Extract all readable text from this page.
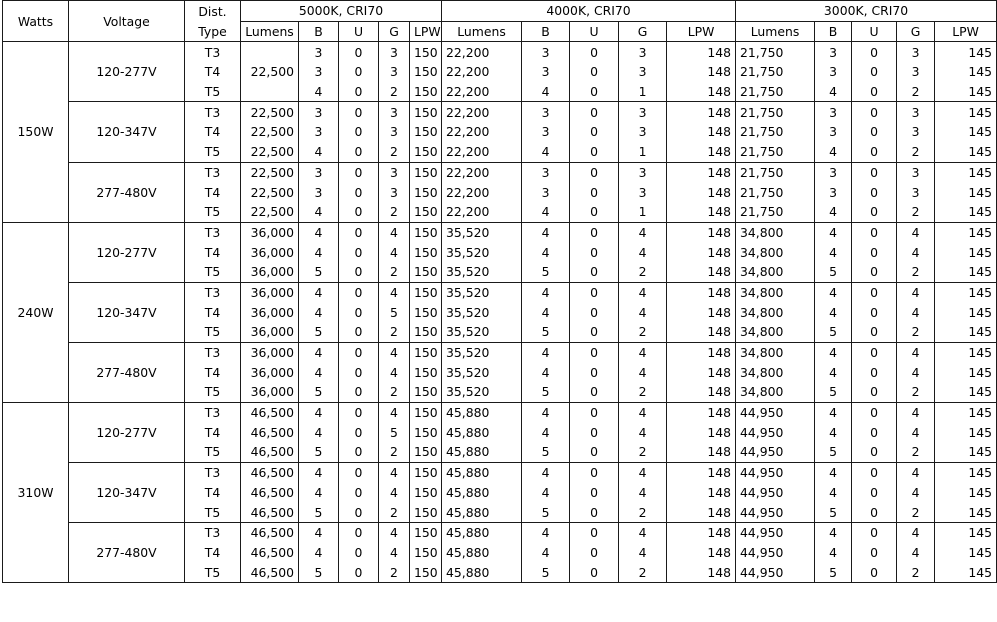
Watts	Voltage	Dist.	5000K, CRI70					4000K, CRI70					3000K, CRI70				
		Type	Lumens	B	U	G	LPW	Lumens	B	U	G	LPW	Lumens	B	U	G	LPW
150W	120-277V	T3		3	0	3	150	22,200	3	0	3	148	21,750	3	0	3	145
		T4	22,500	3	0	3	150	22,200	3	0	3	148	21,750	3	0	3	145
		T5		4	0	2	150	22,200	4	0	1	148	21,750	4	0	2	145
	120-347V	T3	22,500	3	0	3	150	22,200	3	0	3	148	21,750	3	0	3	145
		T4	22,500	3	0	3	150	22,200	3	0	3	148	21,750	3	0	3	145
		T5	22,500	4	0	2	150	22,200	4	0	1	148	21,750	4	0	2	145
	277-480V	T3	22,500	3	0	3	150	22,200	3	0	3	148	21,750	3	0	3	145
		T4	22,500	3	0	3	150	22,200	3	0	3	148	21,750	3	0	3	145
		T5	22,500	4	0	2	150	22,200	4	0	1	148	21,750	4	0	2	145
240W	120-277V	T3	36,000	4	0	4	150	35,520	4	0	4	148	34,800	4	0	4	145
		T4	36,000	4	0	4	150	35,520	4	0	4	148	34,800	4	0	4	145
		T5	36,000	5	0	2	150	35,520	5	0	2	148	34,800	5	0	2	145
	120-347V	T3	36,000	4	0	4	150	35,520	4	0	4	148	34,800	4	0	4	145
		T4	36,000	4	0	5	150	35,520	4	0	4	148	34,800	4	0	4	145
		T5	36,000	5	0	2	150	35,520	5	0	2	148	34,800	5	0	2	145
	277-480V	T3	36,000	4	0	4	150	35,520	4	0	4	148	34,800	4	0	4	145
		T4	36,000	4	0	4	150	35,520	4	0	4	148	34,800	4	0	4	145
		T5	36,000	5	0	2	150	35,520	5	0	2	148	34,800	5	0	2	145
310W	120-277V	T3	46,500	4	0	4	150	45,880	4	0	4	148	44,950	4	0	4	145
		T4	46,500	4	0	5	150	45,880	4	0	4	148	44,950	4	0	4	145
		T5	46,500	5	0	2	150	45,880	5	0	2	148	44,950	5	0	2	145
	120-347V	T3	46,500	4	0	4	150	45,880	4	0	4	148	44,950	4	0	4	145
		T4	46,500	4	0	4	150	45,880	4	0	4	148	44,950	4	0	4	145
		T5	46,500	5	0	2	150	45,880	5	0	2	148	44,950	5	0	2	145
	277-480V	T3	46,500	4	0	4	150	45,880	4	0	4	148	44,950	4	0	4	145
		T4	46,500	4	0	4	150	45,880	4	0	4	148	44,950	4	0	4	145
		T5	46,500	5	0	2	150	45,880	5	0	2	148	44,950	5	0	2	145
